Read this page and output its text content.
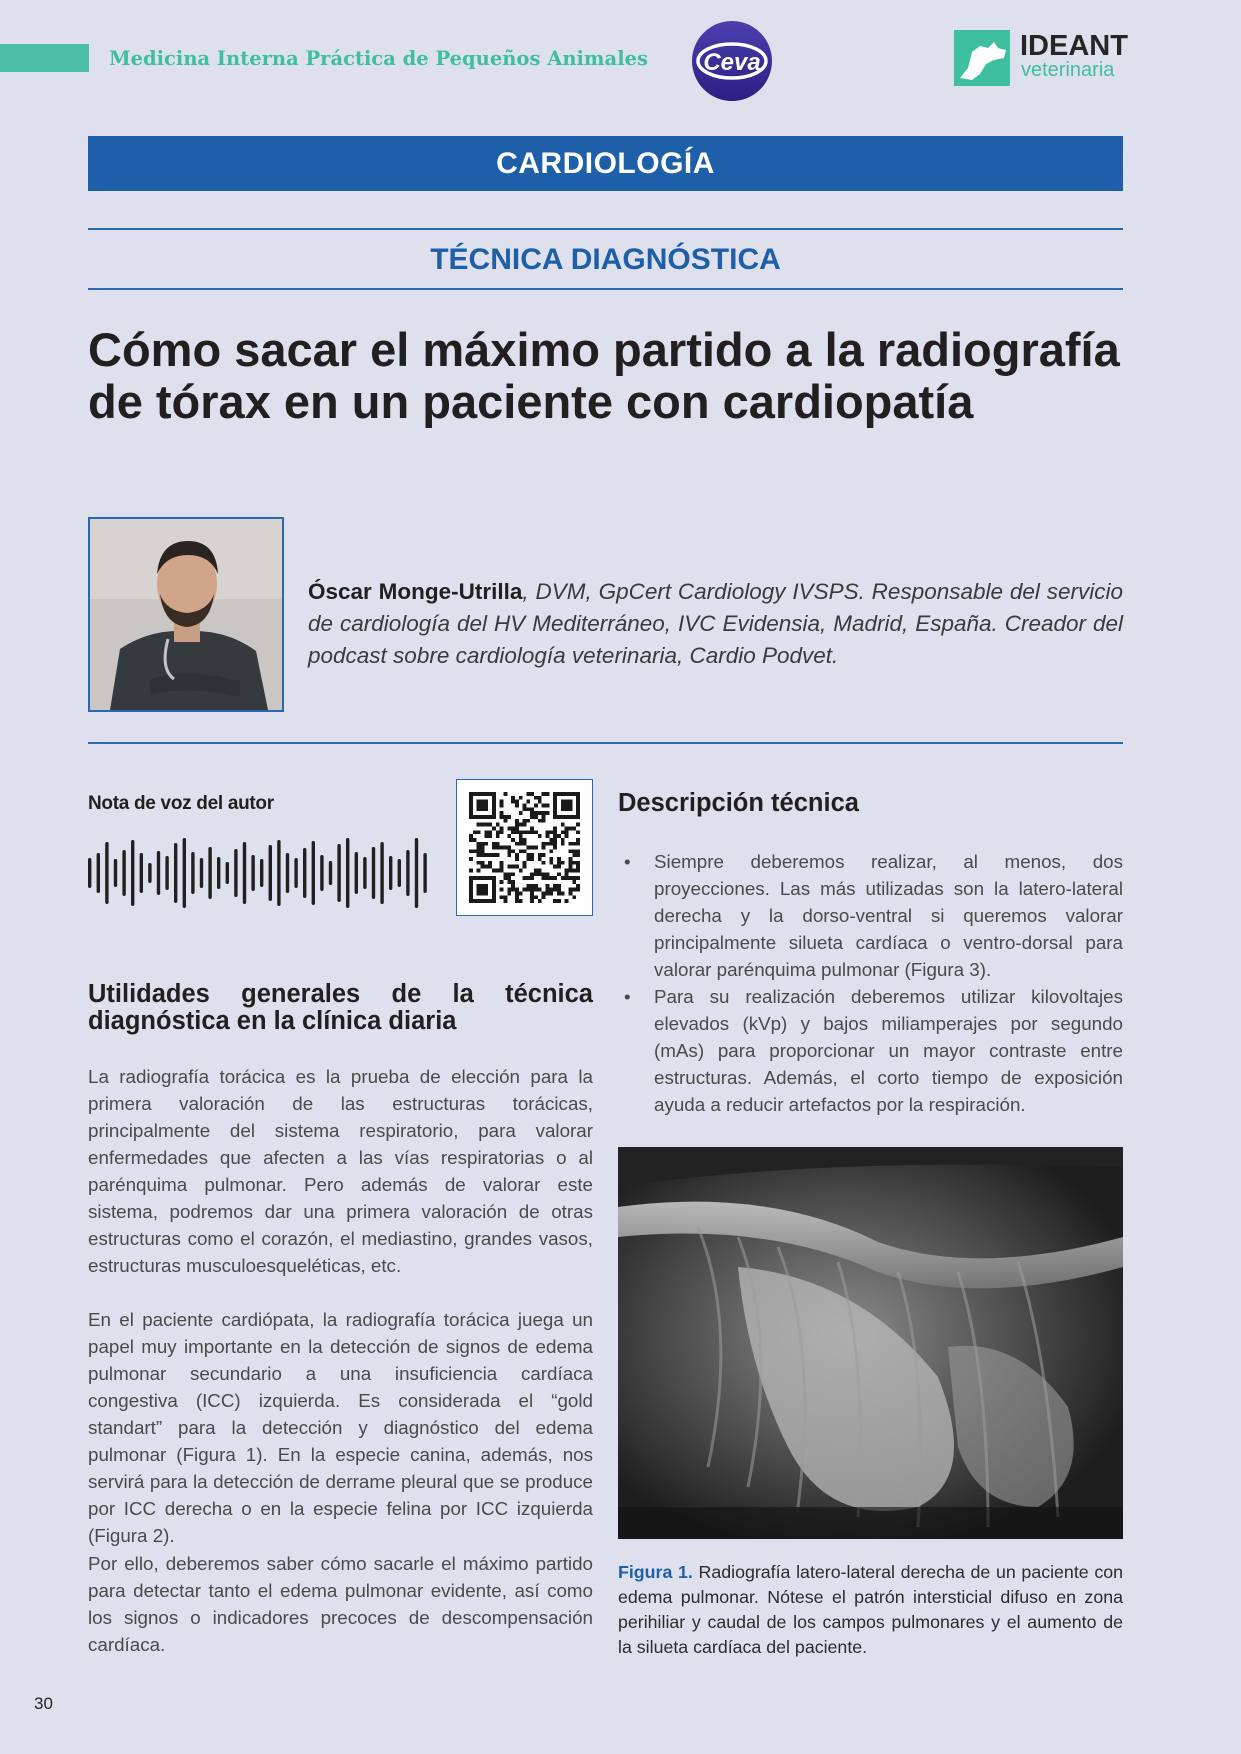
Medicina Interna Práctica de Pequeños Animales Ceva
IDEANT
veterinaria
CARDIOLOGÍA
TÉCNICA DIAGNÓSTICA
Cómo sacar el máximo partido a la radiografía de tórax en un paciente con cardiopatía

Óscar Monge-Utrilla, DVM, GpCert Cardiology IVSPS. Responsable del servicio de cardiología del HV Mediterráneo, IVC Evidensia, Madrid, España. Creador del podcast sobre cardiología veterinaria, Cardio Podvet.

Nota de voz del autor
Utilidades generales de la técnica diagnóstica en la clínica diaria

La radiografía torácica es la prueba de elección para la primera valoración de las estructuras torácicas, principalmente del sistema respiratorio, para valorar enfermedades que afecten a las vías respiratorias o al parénquima pulmonar. Pero además de valorar este sistema, podremos dar una primera valoración de otras estructuras como el corazón, el mediastino, grandes vasos, estructuras musculoesqueléticas, etc.

En el paciente cardiópata, la radiografía torácica juega un papel muy importante en la detección de signos de edema pulmonar secundario a una insuficiencia cardíaca congestiva (ICC) izquierda. Es considerada el “gold standart” para la detección y diagnóstico del edema pulmonar (Figura 1). En la especie canina, además, nos servirá para la detección de derrame pleural que se produce por ICC derecha o en la especie felina por ICC izquierda (Figura 2).

Por ello, deberemos saber cómo sacarle el máximo partido para detectar tanto el edema pulmonar evidente, así como los signos o indicadores precoces de descompensación cardíaca.

Descripción técnica
• Siempre deberemos realizar, al menos, dos proyecciones. Las más utilizadas son la latero-lateral derecha y la dorso-ventral si queremos valorar principalmente silueta cardíaca o ventro-dorsal para valorar parénquima pulmonar (Figura 3).
• Para su realización deberemos utilizar kilovoltajes elevados (kVp) y bajos miliamperajes por segundo (mAs) para proporcionar un mayor contraste entre estructuras. Además, el corto tiempo de exposición ayuda a reducir artefactos por la respiración.

Figura 1. Radiografía latero-lateral derecha de un paciente con edema pulmonar. Nótese el patrón intersticial difuso en zona perihiliar y caudal de los campos pulmonares y el aumento de la silueta cardíaca del paciente.

30
